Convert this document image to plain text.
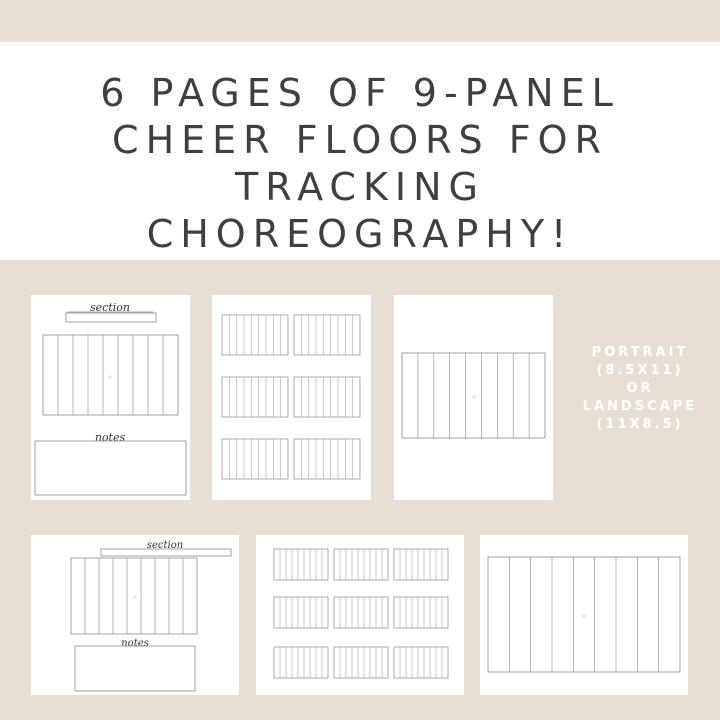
6 PAGES OF 9-PANEL
CHEER FLOORS FOR
TRACKING
CHOREOGRAPHY!
section
×
notes
×
PORTRAIT
(8.5X11)
OR
LANDSCAPE
(11X8.5)
section
×
notes
×
